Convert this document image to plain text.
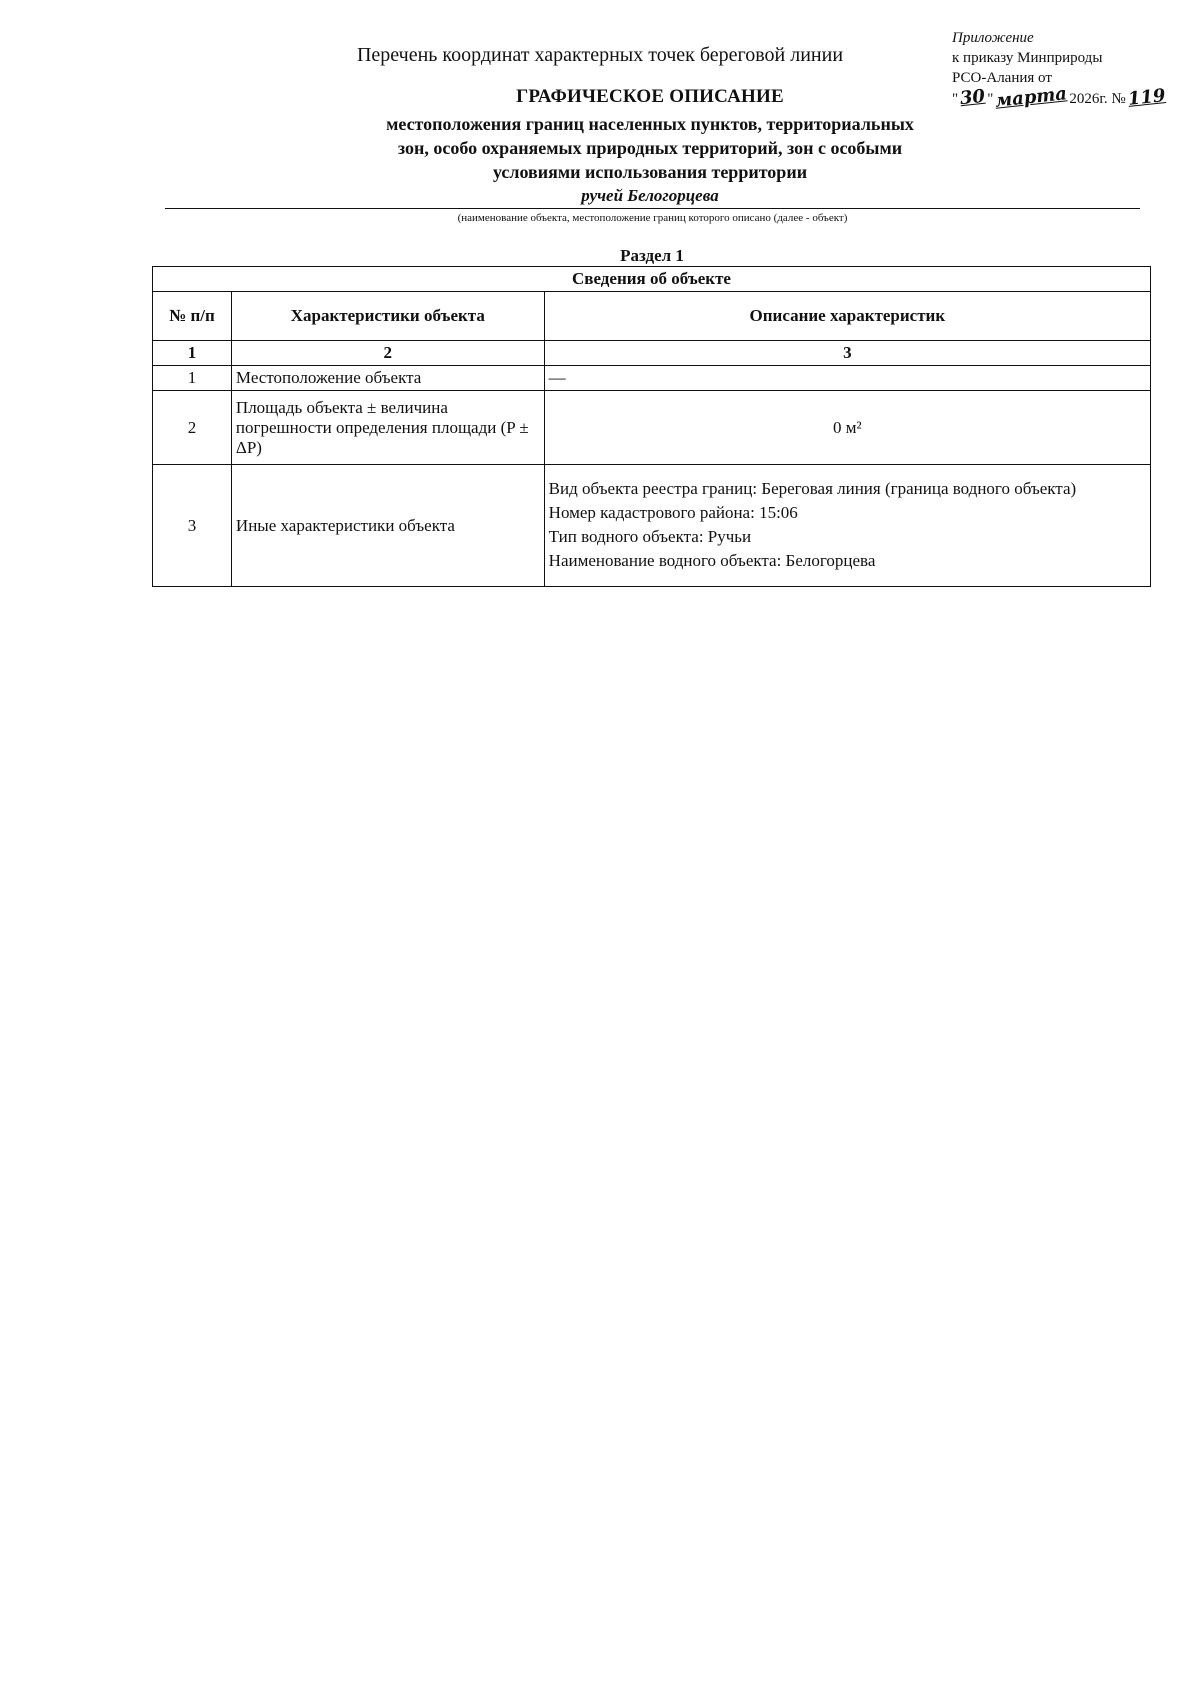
Перечень координат характерных точек береговой линии
Приложение
к приказу Минприроды
РСО-Алания от
"30"марта2026г. №119
ГРАФИЧЕСКОЕ ОПИСАНИЕ
местоположения границ населенных пунктов, территориальных
зон, особо охраняемых природных территорий, зон с особыми
условиями использования территории
ручей Белогорцева
(наименование объекта, местоположение границ которого описано (далее - объект)
Раздел 1
Сведения об объекте		
№ п/п	Характеристики объекта	Описание характеристик
1	2	3
1	Местоположение объекта	—
2	Площадь объекта ± величина погрешности определения площади (P ± ΔP)	0 м²
3	Иные характеристики объекта	Вид объекта реестра границ: Береговая линия (граница водного объекта)
Номер кадастрового района: 15:06
Тип водного объекта: Ручьи
Наименование водного объекта: Белогорцева
